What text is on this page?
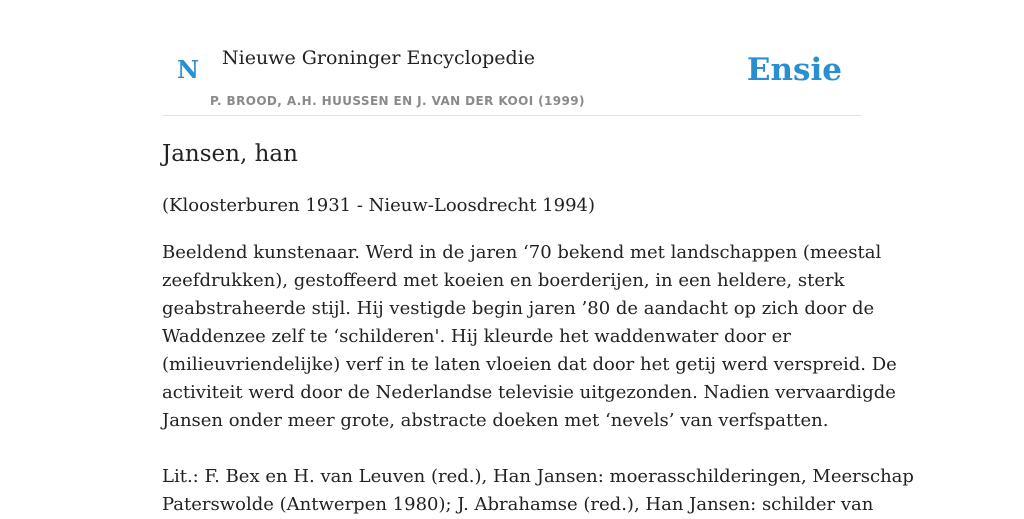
N Nieuwe Groninger Encyclopedie
P. BROOD, A.H. HUUSSEN EN J. VAN DER KOOI (1999)
Ensie
Jansen, han
(Kloosterburen 1931 - Nieuw-Loosdrecht 1994)
Beeldend kunstenaar. Werd in de jaren ‘70 bekend met landschappen (meestal
zeefdrukken), gestoffeerd met koeien en boerderijen, in een heldere, sterk
geabstraheerde stijl. Hij vestigde begin jaren ’80 de aandacht op zich door de
Waddenzee zelf te ‘schilderen'. Hij kleurde het waddenwater door er
(milieuvriendelijke) verf in te laten vloeien dat door het getij werd verspreid. De
activiteit werd door de Nederlandse televisie uitgezonden. Nadien vervaardigde
Jansen onder meer grote, abstracte doeken met ‘nevels’ van verfspatten.
Lit.: F. Bex en H. van Leuven (red.), Han Jansen: moerasschilderingen, Meerschap
Paterswolde (Antwerpen 1980); J. Abrahamse (red.), Han Jansen: schilder van
